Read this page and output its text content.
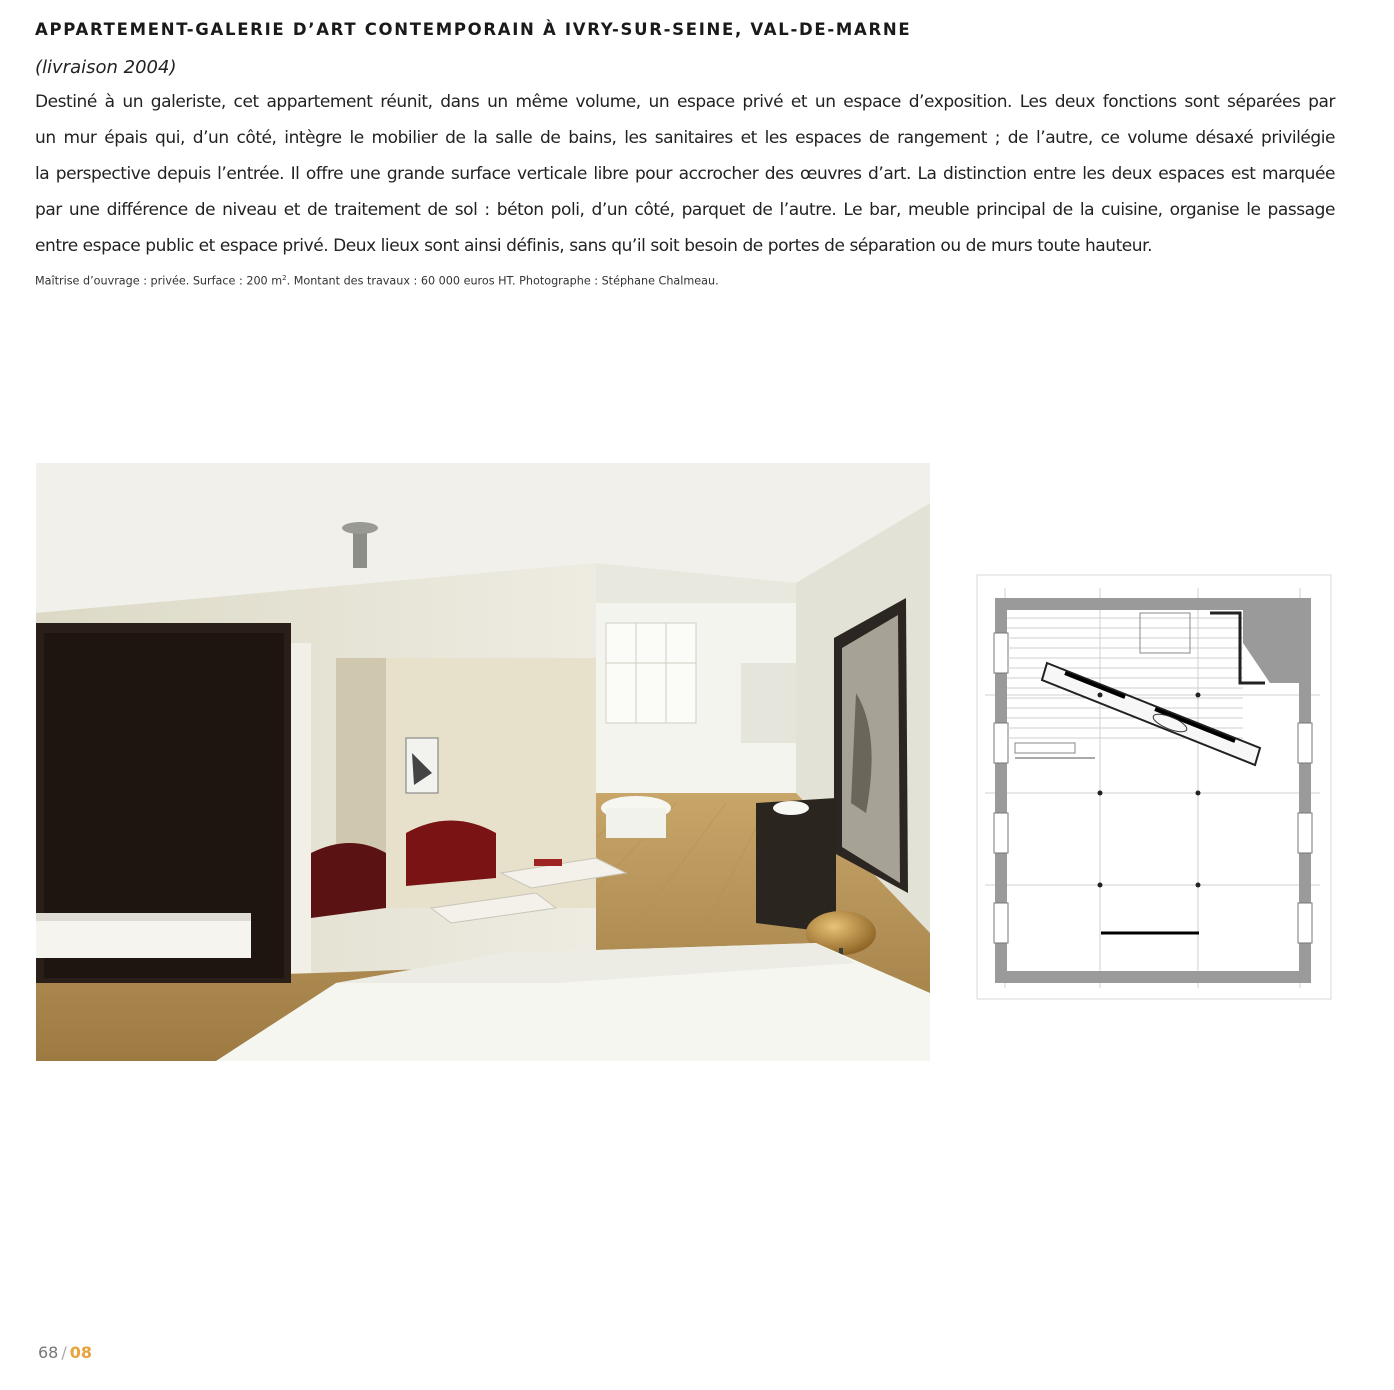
APPARTEMENT-GALERIE D’ART CONTEMPORAIN À IVRY-SUR-SEINE, VAL-DE-MARNE

(livraison 2004)

Destiné à un galeriste, cet appartement réunit, dans un même volume, un espace privé et un espace d’exposition. Les deux fonctions sont séparées par
un mur épais qui, d’un côté, intègre le mobilier de la salle de bains, les sanitaires et les espaces de rangement ; de l’autre, ce volume désaxé privilégie
la perspective depuis l’entrée. Il offre une grande surface verticale libre pour accrocher des œuvres d’art. La distinction entre les deux espaces est marquée
par une différence de niveau et de traitement de sol : béton poli, d’un côté, parquet de l’autre. Le bar, meuble principal de la cuisine, organise le passage
entre espace public et espace privé. Deux lieux sont ainsi définis, sans qu’il soit besoin de portes de séparation ou de murs toute hauteur.

Maîtrise d’ouvrage : privée. Surface : 200 $m^2$. Montant des travaux : 60 000 euros HT. Photographe : Stéphane Chalmeau.

68 / 08
